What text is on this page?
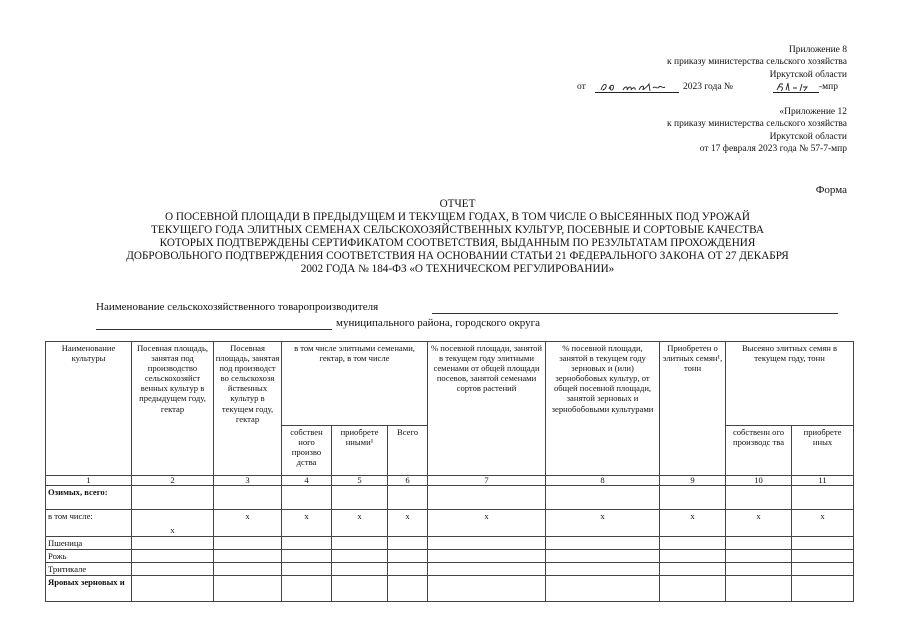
Приложение 8
к приказу министерства сельского хозяйства
Иркутской области
от	2023 года №	-мпр
«Приложение 12
к приказу министерства сельского хозяйства
Иркутской области
от 17 февраля 2023 года № 57-7-мпр
Форма
ОТЧЕТ
О ПОСЕВНОЙ ПЛОЩАДИ В ПРЕДЫДУЩЕМ И ТЕКУЩЕМ ГОДАХ, В ТОМ ЧИСЛЕ О ВЫСЕЯННЫХ ПОД УРОЖАЙ
ТЕКУЩЕГО ГОДА ЭЛИТНЫХ СЕМЕНАХ СЕЛЬСКОХОЗЯЙСТВЕННЫХ КУЛЬТУР, ПОСЕВНЫЕ И СОРТОВЫЕ КАЧЕСТВА
КОТОРЫХ ПОДТВЕРЖДЕНЫ СЕРТИФИКАТОМ СООТВЕТСТВИЯ, ВЫДАННЫМ ПО РЕЗУЛЬТАТАМ ПРОХОЖДЕНИЯ
ДОБРОВОЛЬНОГО ПОДТВЕРЖДЕНИЯ СООТВЕТСТВИЯ НА ОСНОВАНИИ СТАТЬИ 21 ФЕДЕРАЛЬНОГО ЗАКОНА ОТ 27 ДЕКАБРЯ
2002 ГОДА № 184-ФЗ «О ТЕХНИЧЕСКОМ РЕГУЛИРОВАНИИ»
Наименование сельскохозяйственного товаропроизводителя
муниципального района, городского округа
Наименование культуры	Посевная площадь, занятая под производство сельскохозяйст венных культур в предыдущем году, гектар	Посевная площадь, занятая под производст во сельскохозя йственных культур в текущем году, гектар	в том числе элитными семенами, гектар, в том числе			% посевной площади, занятой в текущем году элитными семенами от общей площади посевов, занятой семенами сортов растений	% посевной площади, занятой в текущем году зерновых и (или) зернобобовых культур, от общей посевной площади, занятой зерновых и зернобобовыми культурами	Приобретен о элитных семян¹, тонн	Высеяно элитных семян в текущем году, тонн	
			собствен ного произво дства	приобрете нными¹	Всего				собственн ого производс тва	приобрете нных
1	2	3	4	5	6	7	8	9	10	11
Озимых, всего:										
в том числе:	х	х	х	х	х	х	х	х	х	х
Пшеница										
Рожь										
Тритикале										
Яровых зерновых и										
